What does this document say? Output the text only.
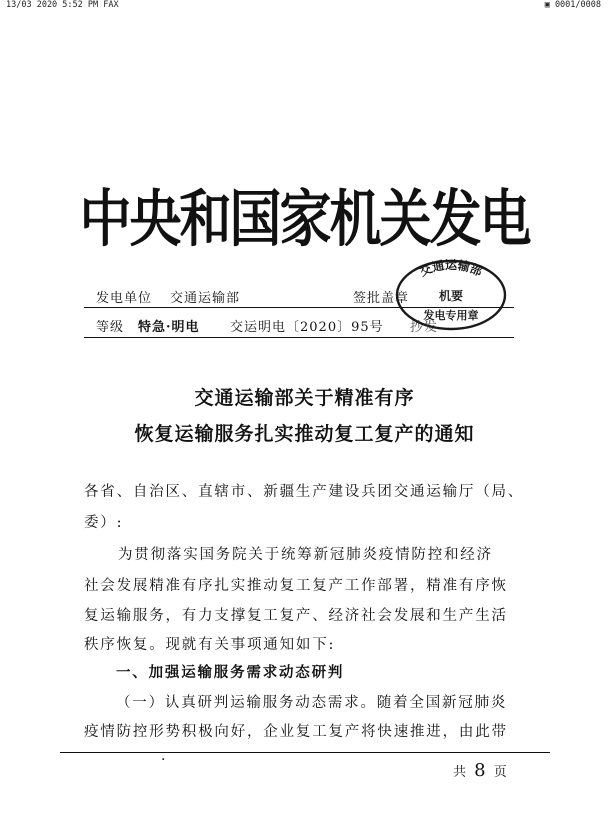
13/03 2020 5:52 PM FAX	▣ 0001/0008
中央和国家机关发电
发电单位 交通运输部	签批盖章
等级 特急·明电 交运明电〔2020〕95号 抄发
交通运输部
机要
发电专用章
交通运输部关于精准有序
恢复运输服务扎实推动复工复产的通知
各省、自治区、直辖市、新疆生产建设兵团交通运输厅（局、
委）:
为贯彻落实国务院关于统筹新冠肺炎疫情防控和经济
社会发展精准有序扎实推动复工复产工作部署，精准有序恢
复运输服务，有力支撑复工复产、经济社会发展和生产生活
秩序恢复。现就有关事项通知如下:
一、加强运输服务需求动态研判
（一）认真研判运输服务动态需求。随着全国新冠肺炎
疫情防控形势积极向好，企业复工复产将快速推进，由此带
·
共 8 页
